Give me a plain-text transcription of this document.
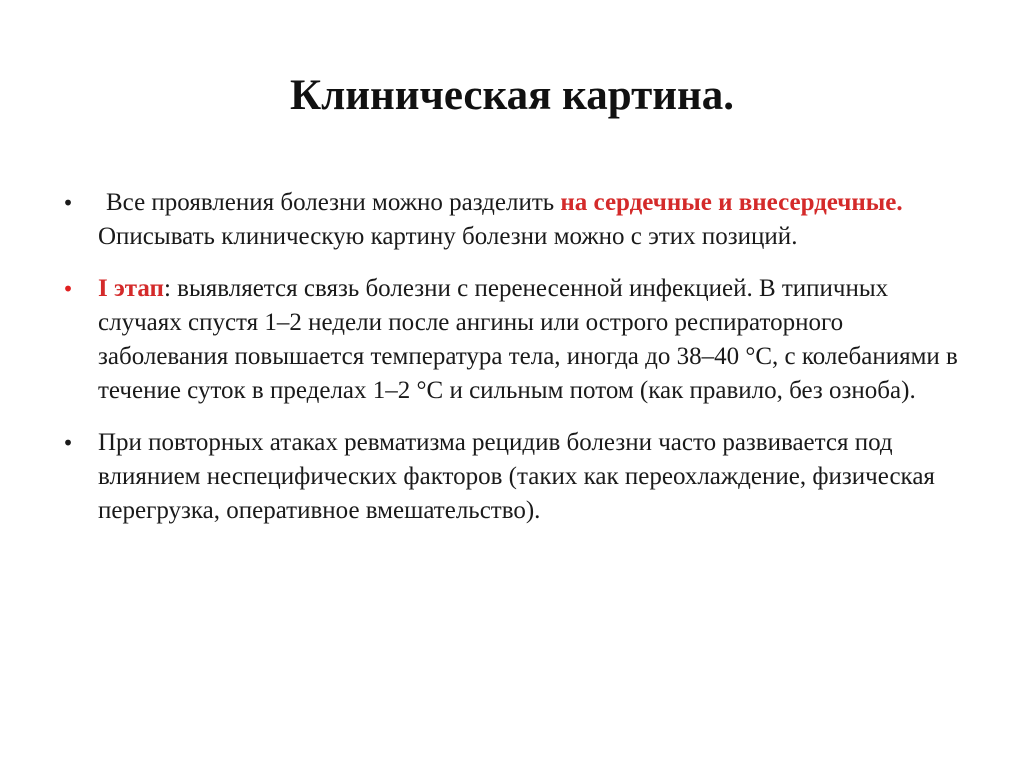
Клиническая картина.
• Все проявления болезни можно разделить на сердечные и внесердечные. Описывать клиническую картину болезни можно с этих позиций.
• I этап: выявляется связь болезни с перенесенной инфекцией. В типичных случаях спустя 1–2 недели после ангины или острого респираторного заболевания повышается температура тела, иногда до 38–40 °С, с колебаниями в течение суток в пределах 1–2 °С и сильным потом (как правило, без озноба).
• При повторных атаках ревматизма рецидив болезни часто развивается под влиянием неспецифических факторов (таких как переохлаждение, физическая перегрузка, оперативное вмешательство).
